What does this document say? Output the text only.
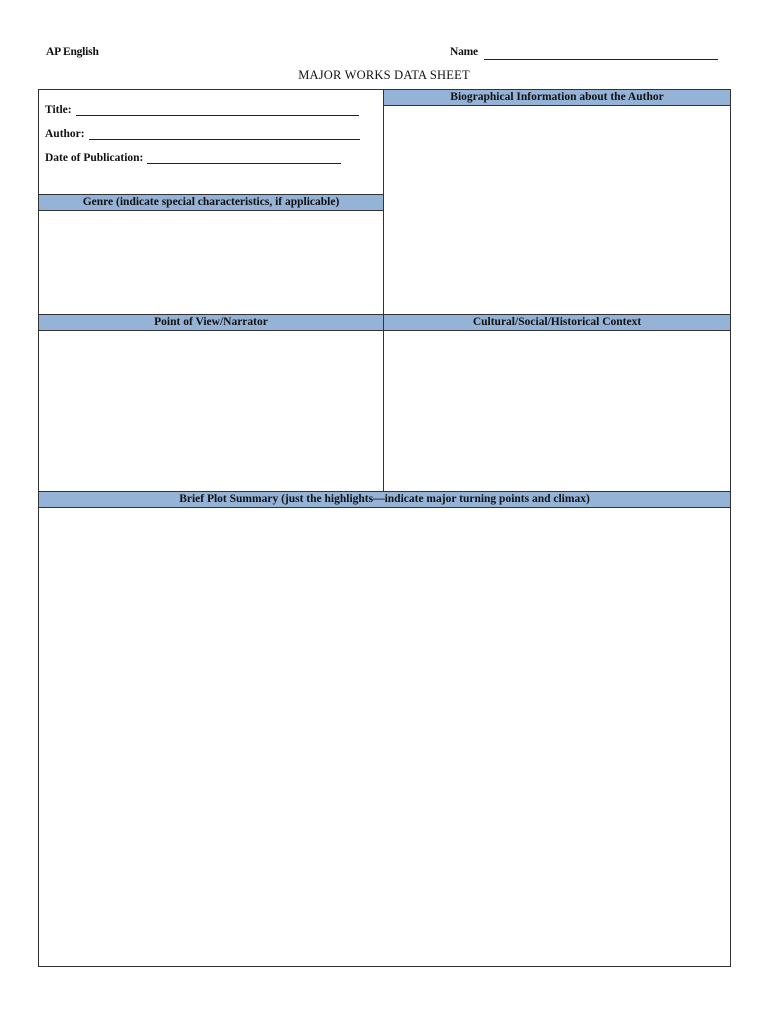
AP English	Name
MAJOR WORKS DATA SHEET
Title:
Author:
Date of Publication:
Biographical Information about the Author
Genre (indicate special characteristics, if applicable)
Point of View/Narrator	Cultural/Social/Historical Context
Brief Plot Summary (just the highlights—indicate major turning points and climax)
